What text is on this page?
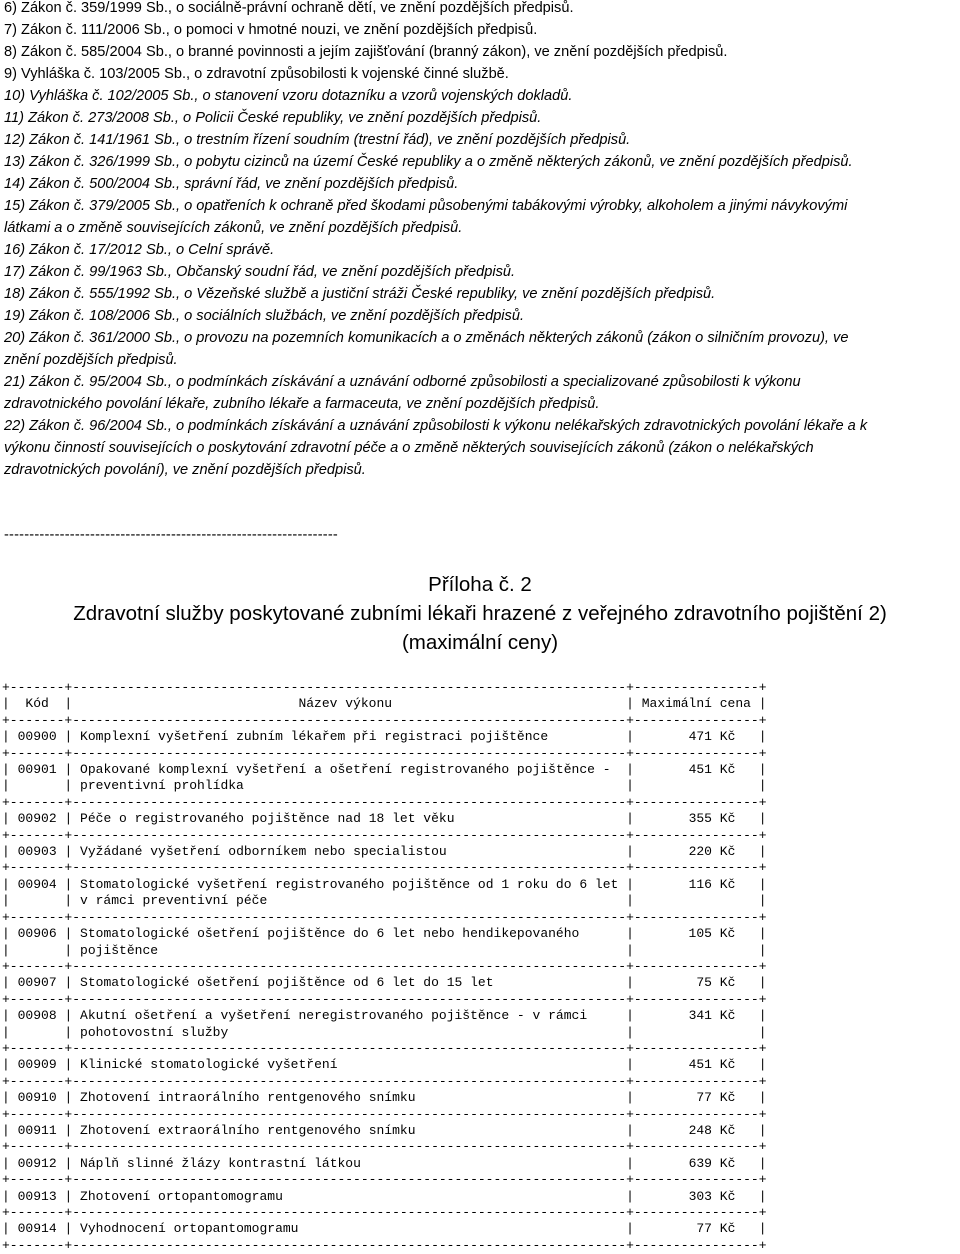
6) Zákon č. 359/1999 Sb., o sociálně-právní ochraně dětí, ve znění pozdějších předpisů.
7) Zákon č. 111/2006 Sb., o pomoci v hmotné nouzi, ve znění pozdějších předpisů.
8) Zákon č. 585/2004 Sb., o branné povinnosti a jejím zajišťování (branný zákon), ve znění pozdějších předpisů.
9) Vyhláška č. 103/2005 Sb., o zdravotní způsobilosti k vojenské činné službě.
10) Vyhláška č. 102/2005 Sb., o stanovení vzoru dotazníku a vzorů vojenských dokladů.
11) Zákon č. 273/2008 Sb., o Policii České republiky, ve znění pozdějších předpisů.
12) Zákon č. 141/1961 Sb., o trestním řízení soudním (trestní řád), ve znění pozdějších předpisů.
13) Zákon č. 326/1999 Sb., o pobytu cizinců na území České republiky a o změně některých zákonů, ve znění pozdějších předpisů.
14) Zákon č. 500/2004 Sb., správní řád, ve znění pozdějších předpisů.
15) Zákon č. 379/2005 Sb., o opatřeních k ochraně před škodami působenými tabákovými výrobky, alkoholem a jinými návykovými
látkami a o změně souvisejících zákonů, ve znění pozdějších předpisů.
16) Zákon č. 17/2012 Sb., o Celní správě.
17) Zákon č. 99/1963 Sb., Občanský soudní řád, ve znění pozdějších předpisů.
18) Zákon č. 555/1992 Sb., o Vězeňské službě a justiční stráži České republiky, ve znění pozdějších předpisů.
19) Zákon č. 108/2006 Sb., o sociálních službách, ve znění pozdějších předpisů.
20) Zákon č. 361/2000 Sb., o provozu na pozemních komunikacích a o změnách některých zákonů (zákon o silničním provozu), ve
znění pozdějších předpisů.
21) Zákon č. 95/2004 Sb., o podmínkách získávání a uznávání odborné způsobilosti a specializované způsobilosti k výkonu
zdravotnického povolání lékaře, zubního lékaře a farmaceuta, ve znění pozdějších předpisů.
22) Zákon č. 96/2004 Sb., o podmínkách získávání a uznávání způsobilosti k výkonu nelékařských zdravotnických povolání lékaře a k
výkonu činností souvisejících o poskytování zdravotní péče a o změně některých souvisejících zákonů (zákon o nelékařských
zdravotnických povolání), ve znění pozdějších předpisů.
------------------------------------------------------------------
Příloha č. 2
Zdravotní služby poskytované zubními lékaři hrazené z veřejného zdravotního pojištění 2)
(maximální ceny)
+-------+-----------------------------------------------------------------------+----------------+
|  Kód  |                             Název výkonu                              | Maximální cena |
+-------+-----------------------------------------------------------------------+----------------+
| 00900 | Komplexní vyšetření zubním lékařem při registraci pojištěnce          |	471 Kč   |
+-------+-----------------------------------------------------------------------+----------------+
| 00901 | Opakované komplexní vyšetření a ošetření registrovaného pojištěnce -  |	451 Kč   |
|	| preventivní prohlídka                                                 |	|
+-------+-----------------------------------------------------------------------+----------------+
| 00902 | Péče o registrovaného pojištěnce nad 18 let věku                      |	355 Kč   |
+-------+-----------------------------------------------------------------------+----------------+
| 00903 | Vyžádané vyšetření odborníkem nebo specialistou                       |	220 Kč   |
+-------+-----------------------------------------------------------------------+----------------+
| 00904 | Stomatologické vyšetření registrovaného pojištěnce od 1 roku do 6 let |	116 Kč   |
|	| v rámci preventivní péče                                              |	|
+-------+-----------------------------------------------------------------------+----------------+
| 00906 | Stomatologické ošetření pojištěnce do 6 let nebo hendikepovaného      |	105 Kč   |
|	| pojištěnce                                                            |	|
+-------+-----------------------------------------------------------------------+----------------+
| 00907 | Stomatologické ošetření pojištěnce od 6 let do 15 let                 |	75 Kč   |
+-------+-----------------------------------------------------------------------+----------------+
| 00908 | Akutní ošetření a vyšetření neregistrovaného pojištěnce - v rámci     |	341 Kč   |
|	| pohotovostní služby                                                   |	|
+-------+-----------------------------------------------------------------------+----------------+
| 00909 | Klinické stomatologické vyšetření                                     |	451 Kč   |
+-------+-----------------------------------------------------------------------+----------------+
| 00910 | Zhotovení intraorálního rentgenového snímku                           |	77 Kč   |
+-------+-----------------------------------------------------------------------+----------------+
| 00911 | Zhotovení extraorálního rentgenového snímku                           |	248 Kč   |
+-------+-----------------------------------------------------------------------+----------------+
| 00912 | Náplň slinné žlázy kontrastní látkou                                  |	639 Kč   |
+-------+-----------------------------------------------------------------------+----------------+
| 00913 | Zhotovení ortopantomogramu                                            |	303 Kč   |
+-------+-----------------------------------------------------------------------+----------------+
| 00914 | Vyhodnocení ortopantomogramu                                          |	77 Kč   |
+-------+-----------------------------------------------------------------------+----------------+
